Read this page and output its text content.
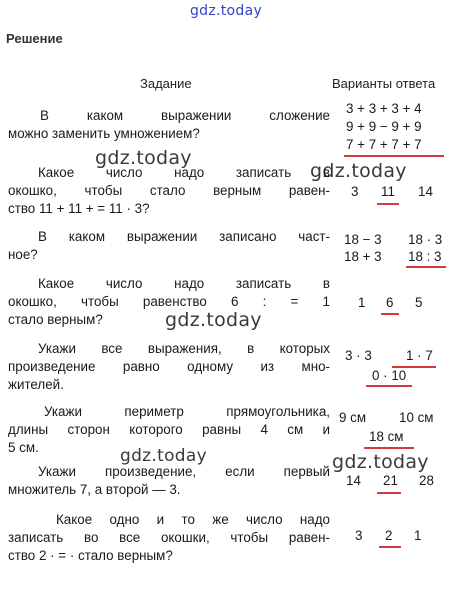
gdz.today
gdz.today
gdz.today
gdz.today
gdz.today	gdz.today
Решение
Задание	Варианты ответа
В каком выражении сложение
можно заменить умножением?
3 + 3 + 3 + 4
9 + 9 − 9 + 9
7 + 7 + 7 + 7
Какое число надо записать в
окошко, чтобы стало верным равен-
ство 11 + 11 + = 11 · 3?
3 11 14
В каком выражении записано част-
ное?
18 − 3 18 · 3
18 + 3 18 : 3
Какое число надо записать в
окошко, чтобы равенство 6 : = 1
стало верным?
1 6 5
Укажи все выражения, в которых
произведение равно одному из мно-
жителей.
3 · 3	1 · 7
0 · 10
Укажи периметр прямоугольника,
длины сторон которого равны 4 см и
5 см.
9 см 10 см
18 см
Укажи произведение, если первый
множитель 7, а второй — 3.
14 21 28
Какое одно и то же число надо
записать во все окошки, чтобы равен-
ство 2 · = · стало верным?
3 2 1
